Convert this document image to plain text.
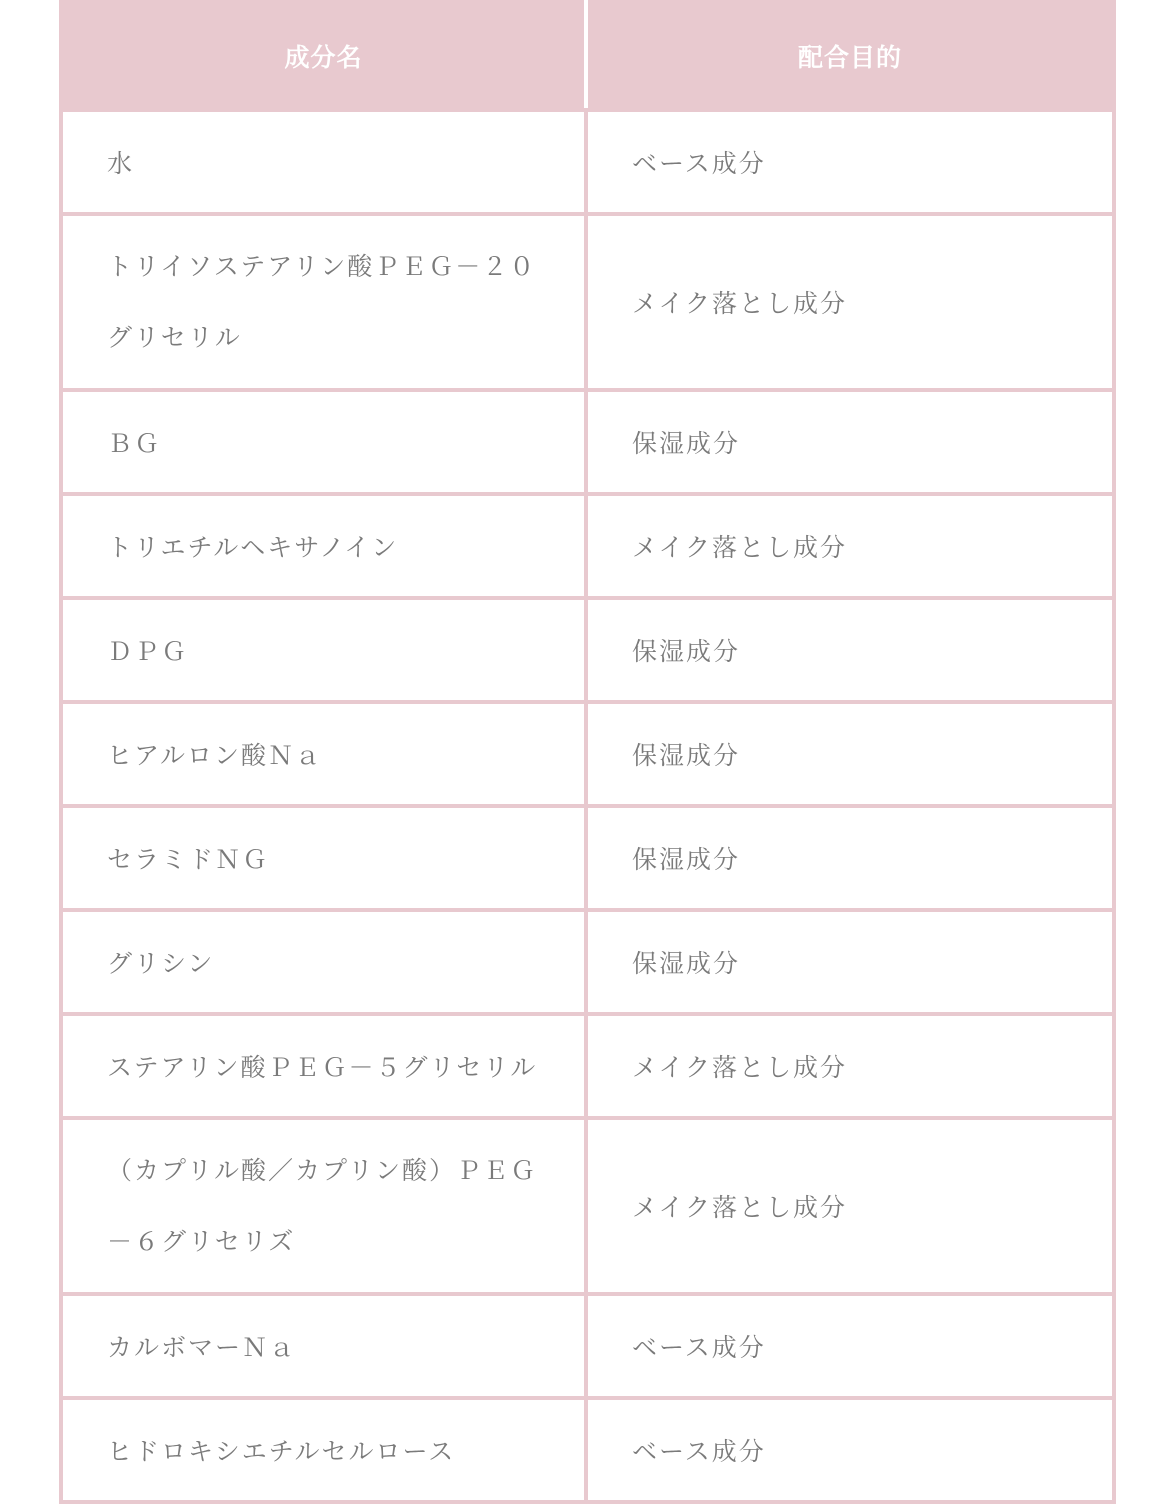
成分名	配合目的
水	ベース成分

トリイソステアリン酸ＰＥＧ－２０
グリセリル	メイク落とし成分
ＢＧ	保湿成分
トリエチルヘキサノイン	メイク落とし成分
ＤＰＧ	保湿成分
ヒアルロン酸Ｎａ	保湿成分
セラミドＮＧ	保湿成分
グリシン	保湿成分
ステアリン酸ＰＥＧ－５グリセリル	メイク落とし成分

（カプリル酸／カプリン酸）ＰＥＧ
－６グリセリズ	メイク落とし成分
カルボマーＮａ	ベース成分
ヒドロキシエチルセルロース	ベース成分
